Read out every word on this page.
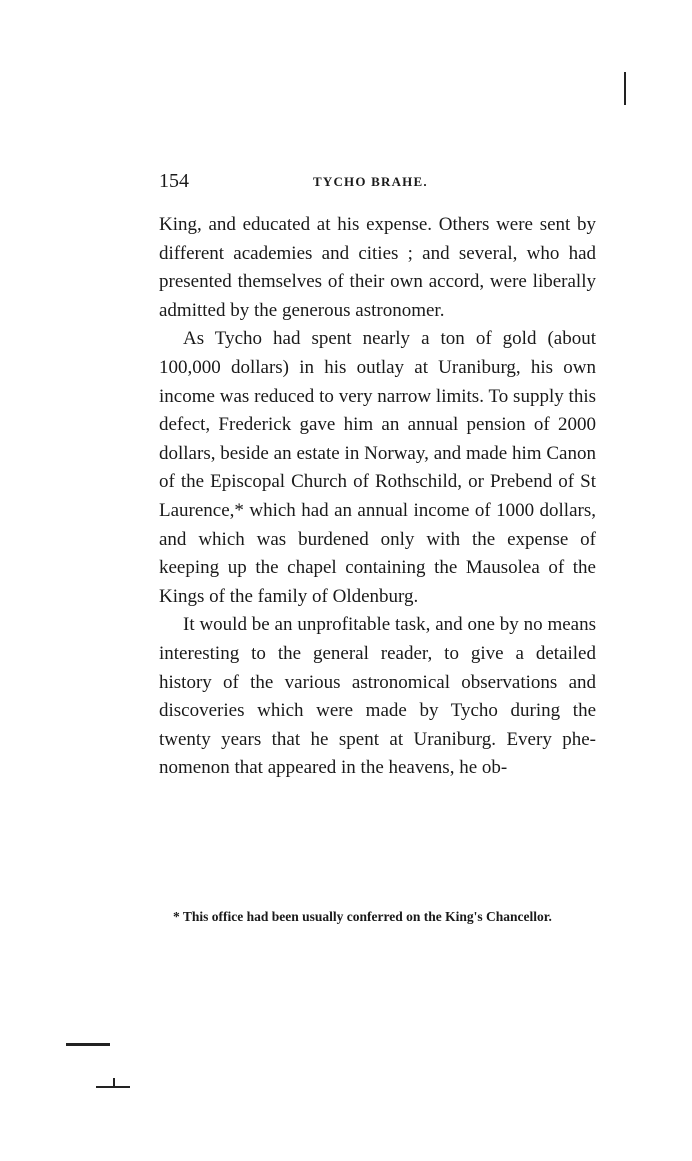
154	TYCHO BRAHE.

King, and educated at his expense. Others were sent by different academies and cities ; and several, who had presented themselves of their own accord, were liberally admitted by the generous astronomer.

As Tycho had spent nearly a ton of gold (about 100,000 dollars) in his outlay at Uraniburg, his own income was reduced to very narrow limits. To supply this defect, Frederick gave him an annual pension of 2000 dollars, beside an estate in Norway, and made him Canon of the Episcopal Church of Rothschild, or Prebend of St Laurence,* which had an annual income of 1000 dollars, and which was burdened only with the expense of keeping up the chapel containing the Mausolea of the Kings of the family of Oldenburg.

It would be an unprofitable task, and one by no means interesting to the general reader, to give a detailed history of the various astronomical observations and discoveries which were made by Tycho during the twenty years that he spent at Uraniburg. Every phenomenon that appeared in the heavens, he ob-

* This office had been usually conferred on the King's Chancellor.
